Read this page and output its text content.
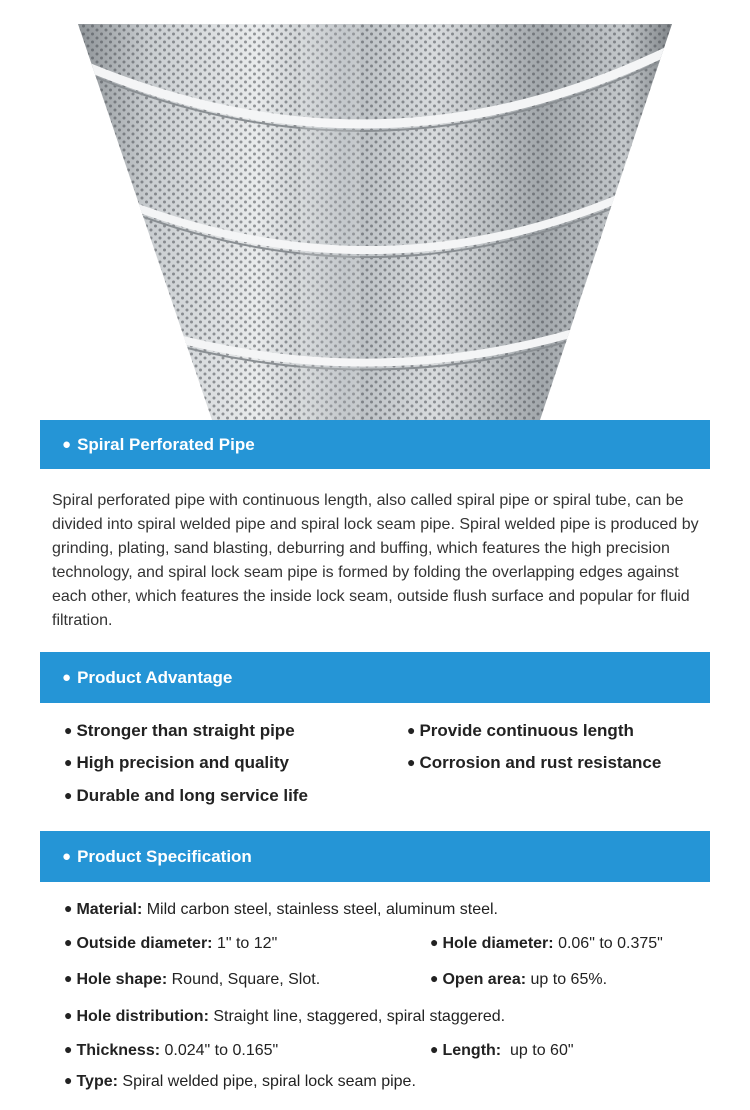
● Spiral Perforated Pipe
Spiral perforated pipe with continuous length, also called spiral pipe or spiral tube, can be divided into spiral welded pipe and spiral lock seam pipe. Spiral welded pipe is produced by grinding, plating, sand blasting, deburring and buffing, which features the high precision technology, and spiral lock seam pipe is formed by folding the overlapping edges against each other, which features the inside lock seam, outside flush surface and popular for fluid filtration.
● Product Advantage
● Stronger than straight pipe	● Provide continuous length
● High precision and quality	● Corrosion and rust resistance
● Durable and long service life
● Product Specification
● Material: Mild carbon steel, stainless steel, aluminum steel.
● Outside diameter: 1" to 12"	● Hole diameter: 0.06" to 0.375"
● Hole shape: Round, Square, Slot.	● Open area: up to 65%.
● Hole distribution: Straight line, staggered, spiral staggered.
● Thickness: 0.024" to 0.165"	● Length:  up to 60"
● Type: Spiral welded pipe, spiral lock seam pipe.
